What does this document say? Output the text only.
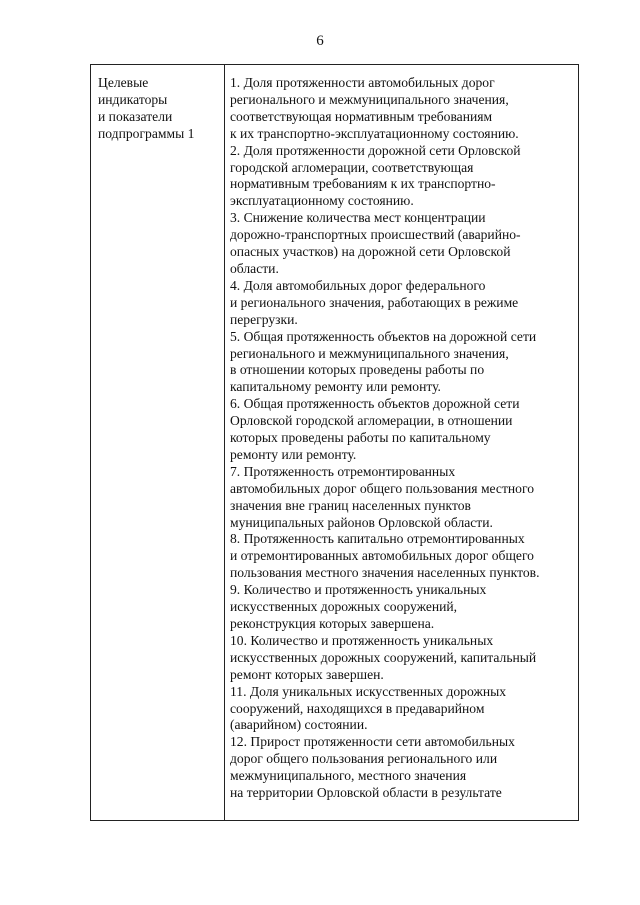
6
Целевые
индикаторы
и показатели
подпрограммы 1
1. Доля протяженности автомобильных дорог
регионального и межмуниципального значения,
соответствующая нормативным требованиям
к их транспортно-эксплуатационному состоянию.
2. Доля протяженности дорожной сети Орловской
городской агломерации, соответствующая
нормативным требованиям к их транспортно-
эксплуатационному состоянию.
3. Снижение количества мест концентрации
дорожно-транспортных происшествий (аварийно-
опасных участков) на дорожной сети Орловской
области.
4. Доля автомобильных дорог федерального
и регионального значения, работающих в режиме
перегрузки.
5. Общая протяженность объектов на дорожной сети
регионального и межмуниципального значения,
в отношении которых проведены работы по
капитальному ремонту или ремонту.
6. Общая протяженность объектов дорожной сети
Орловской городской агломерации, в отношении
которых проведены работы по капитальному
ремонту или ремонту.
7. Протяженность отремонтированных
автомобильных дорог общего пользования местного
значения вне границ населенных пунктов
муниципальных районов Орловской области.
8. Протяженность капитально отремонтированных
и отремонтированных автомобильных дорог общего
пользования местного значения населенных пунктов.
9. Количество и протяженность уникальных
искусственных дорожных сооружений,
реконструкция которых завершена.
10. Количество и протяженность уникальных
искусственных дорожных сооружений, капитальный
ремонт которых завершен.
11. Доля уникальных искусственных дорожных
сооружений, находящихся в предаварийном
(аварийном) состоянии.
12. Прирост протяженности сети автомобильных
дорог общего пользования регионального или
межмуниципального, местного значения
на территории Орловской области в результате
